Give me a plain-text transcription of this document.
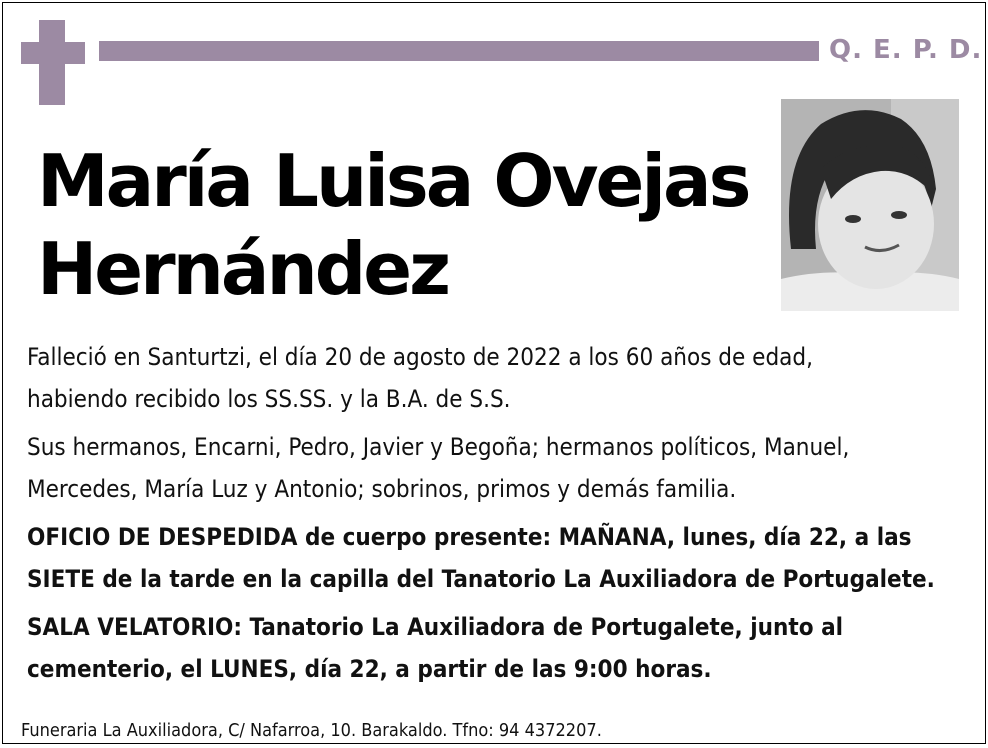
Q. E. P. D.
María Luisa Ovejas
Hernández

Falleció en Santurtzi, el día 20 de agosto de 2022 a los 60 años de edad,
habiendo recibido los SS.SS. y la B.A. de S.S.

Sus hermanos, Encarni, Pedro, Javier y Begoña; hermanos políticos, Manuel,
Mercedes, María Luz y Antonio; sobrinos, primos y demás familia.

OFICIO DE DESPEDIDA de cuerpo presente: MAÑANA, lunes, día 22, a las
SIETE de la tarde en la capilla del Tanatorio La Auxiliadora de Portugalete.

SALA VELATORIO: Tanatorio La Auxiliadora de Portugalete, junto al
cementerio, el LUNES, día 22, a partir de las 9:00 horas.

Funeraria La Auxiliadora, C/ Nafarroa, 10. Barakaldo. Tfno: 94 4372207.
